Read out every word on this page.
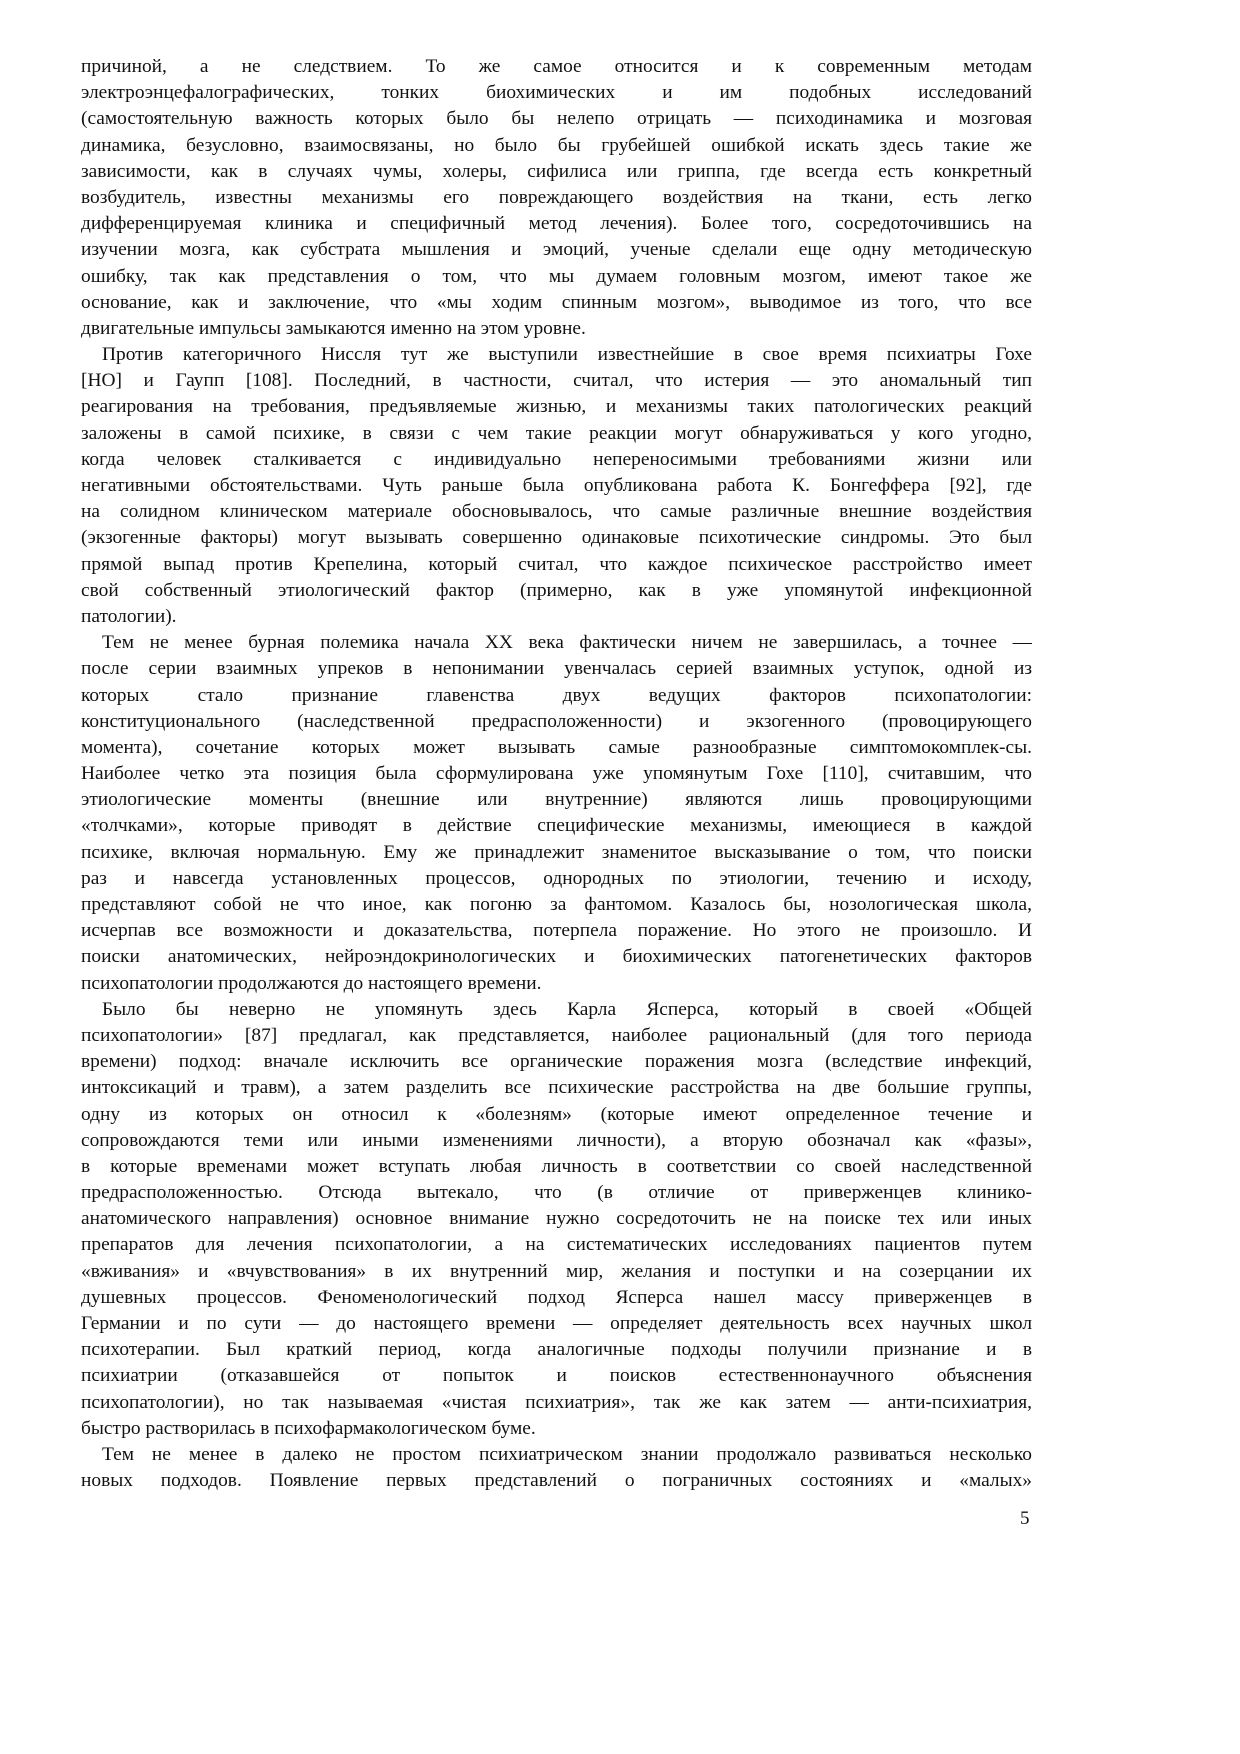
причиной, а не следствием. То же самое относится и к современным методам
электроэнцефалографических, тонких биохимических и им подобных исследований
(самостоятельную важность которых было бы нелепо отрицать — психодинамика и мозговая
динамика, безусловно, взаимосвязаны, но было бы грубейшей ошибкой искать здесь такие же
зависимости, как в случаях чумы, холеры, сифилиса или гриппа, где всегда есть конкретный
возбудитель, известны механизмы его повреждающего воздействия на ткани, есть легко
дифференцируемая клиника и специфичный метод лечения). Более того, сосредоточившись на
изучении мозга, как субстрата мышления и эмоций, ученые сделали еще одну методическую
ошибку, так как представления о том, что мы думаем головным мозгом, имеют такое же
основание, как и заключение, что «мы ходим спинным мозгом», выводимое из того, что все
двигательные импульсы замыкаются именно на этом уровне.
Против категоричного Ниссля тут же выступили известнейшие в свое время психиатры Гохе
[НО] и Гаупп [108]. Последний, в частности, считал, что истерия — это аномальный тип
реагирования на требования, предъявляемые жизнью, и механизмы таких патологических реакций
заложены в самой психике, в связи с чем такие реакции могут обнаруживаться у кого угодно,
когда человек сталкивается с индивидуально непереносимыми требованиями жизни или
негативными обстоятельствами. Чуть раньше была опубликована работа К. Бонгеффера [92], где
на солидном клиническом материале обосновывалось, что самые различные внешние воздействия
(экзогенные факторы) могут вызывать совершенно одинаковые психотические синдромы. Это был
прямой выпад против Крепелина, который считал, что каждое психическое расстройство имеет
свой собственный этиологический фактор (примерно, как в уже упомянутой инфекционной
патологии).
Тем не менее бурная полемика начала XX века фактически ничем не завершилась, а точнее —
после серии взаимных упреков в непонимании увенчалась серией взаимных уступок, одной из
которых стало признание главенства двух ведущих факторов психопатологии:
конституционального (наследственной предрасположенности) и экзогенного (провоцирующего
момента), сочетание которых может вызывать самые разнообразные симптомокомплек-сы.
Наиболее четко эта позиция была сформулирована уже упомянутым Гохе [110], считавшим, что
этиологические моменты (внешние или внутренние) являются лишь провоцирующими
«толчками», которые приводят в действие специфические механизмы, имеющиеся в каждой
психике, включая нормальную. Ему же принадлежит знаменитое высказывание о том, что поиски
раз и навсегда установленных процессов, однородных по этиологии, течению и исходу,
представляют собой не что иное, как погоню за фантомом. Казалось бы, нозологическая школа,
исчерпав все возможности и доказательства, потерпела поражение. Но этого не произошло. И
поиски анатомических, нейроэндокринологических и биохимических патогенетических факторов
психопатологии продолжаются до настоящего времени.
Было бы неверно не упомянуть здесь Карла Ясперса, который в своей «Общей
психопатологии» [87] предлагал, как представляется, наиболее рациональный (для того периода
времени) подход: вначале исключить все органические поражения мозга (вследствие инфекций,
интоксикаций и травм), а затем разделить все психические расстройства на две большие группы,
одну из которых он относил к «болезням» (которые имеют определенное течение и
сопровождаются теми или иными изменениями личности), а вторую обозначал как «фазы»,
в которые временами может вступать любая личность в соответствии со своей наследственной
предрасположенностью. Отсюда вытекало, что (в отличие от приверженцев клинико-
анатомического направления) основное внимание нужно сосредоточить не на поиске тех или иных
препаратов для лечения психопатологии, а на систематических исследованиях пациентов путем
«вживания» и «вчувствования» в их внутренний мир, желания и поступки и на созерцании их
душевных процессов. Феноменологический подход Ясперса нашел массу приверженцев в
Германии и по сути — до настоящего времени — определяет деятельность всех научных школ
психотерапии. Был краткий период, когда аналогичные подходы получили признание и в
психиатрии (отказавшейся от попыток и поисков естественнонаучного объяснения
психопатологии), но так называемая «чистая психиатрия», так же как затем — анти-психиатрия,
быстро растворилась в психофармакологическом буме.
Тем не менее в далеко не простом психиатрическом знании продолжало развиваться несколько
новых подходов. Появление первых представлений о пограничных состояниях и «малых»
5
